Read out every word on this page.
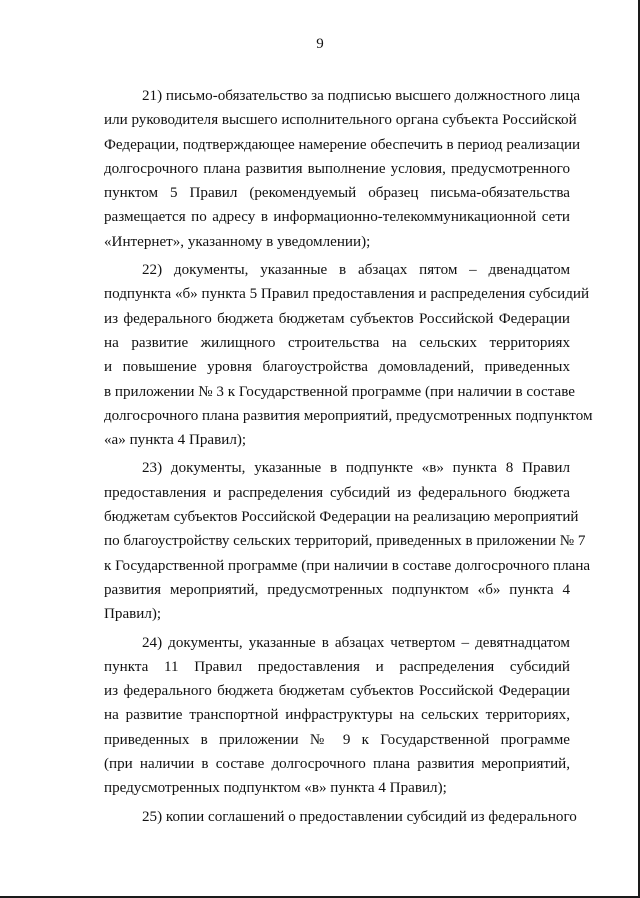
9

21) письмо-обязательство за подписью высшего должностного лица
или руководителя высшего исполнительного органа субъекта Российской
Федерации, подтверждающее намерение обеспечить в период реализации
долгосрочного плана развития выполнение условия, предусмотренного
пунктом 5 Правил (рекомендуемый образец письма-обязательства
размещается по адресу в информационно-телекоммуникационной сети
«Интернет», указанному в уведомлении);

22) документы, указанные в абзацах пятом – двенадцатом
подпункта «б» пункта 5 Правил предоставления и распределения субсидий
из федерального бюджета бюджетам субъектов Российской Федерации
на развитие жилищного строительства на сельских территориях
и повышение уровня благоустройства домовладений, приведенных
в приложении № 3 к Государственной программе (при наличии в составе
долгосрочного плана развития мероприятий, предусмотренных подпунктом
«а» пункта 4 Правил);

23) документы, указанные в подпункте «в» пункта 8 Правил
предоставления и распределения субсидий из федерального бюджета
бюджетам субъектов Российской Федерации на реализацию мероприятий
по благоустройству сельских территорий, приведенных в приложении № 7
к Государственной программе (при наличии в составе долгосрочного плана
развития мероприятий, предусмотренных подпунктом «б» пункта 4
Правил);

24) документы, указанные в абзацах четвертом – девятнадцатом
пункта 11 Правил предоставления и распределения субсидий
из федерального бюджета бюджетам субъектов Российской Федерации
на развитие транспортной инфраструктуры на сельских территориях,
приведенных в приложении № 9 к Государственной программе
(при наличии в составе долгосрочного плана развития мероприятий,
предусмотренных подпунктом «в» пункта 4 Правил);

25) копии соглашений о предоставлении субсидий из федерального
